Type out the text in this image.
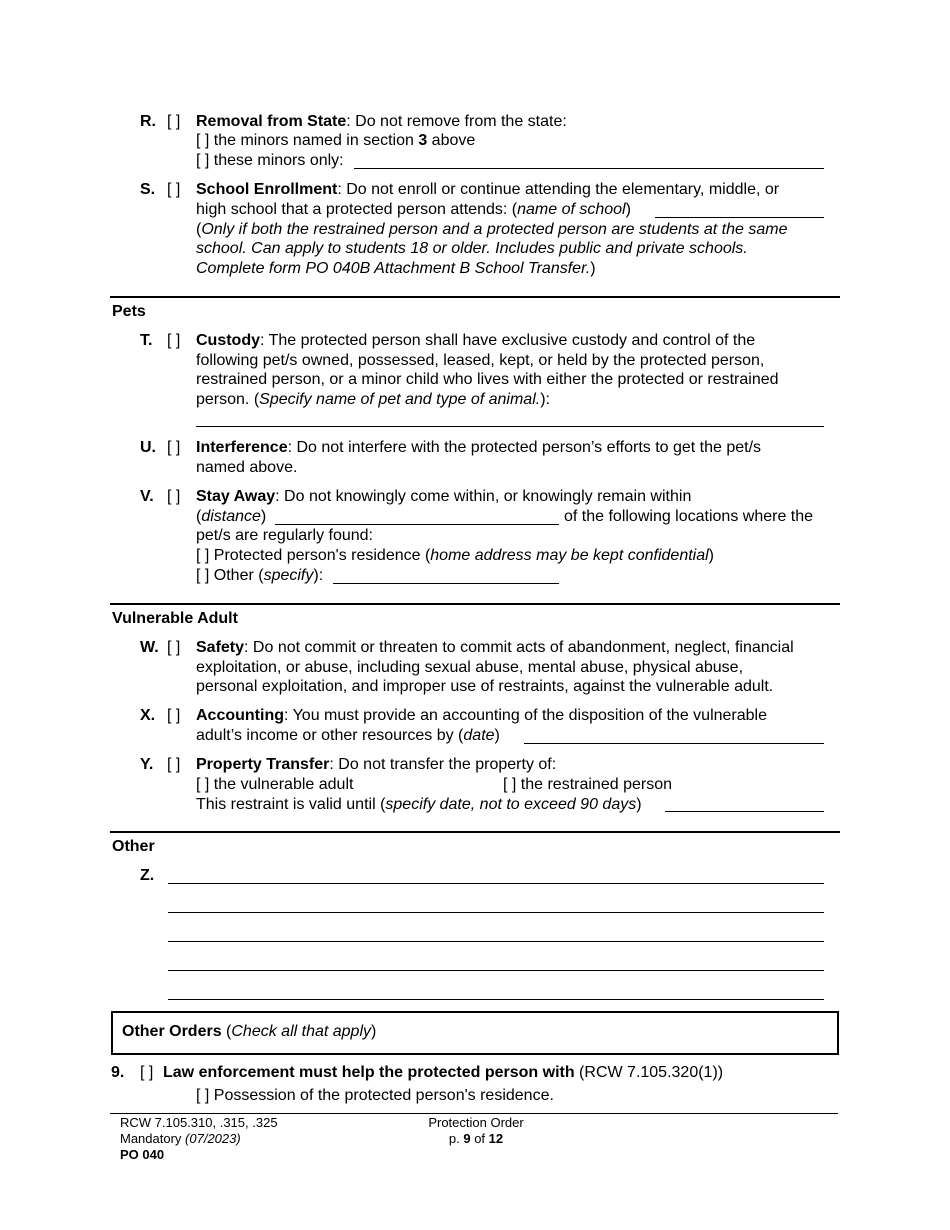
R. [ ] Removal from State: Do not remove from the state:
[ ] the minors named in section 3 above
[ ] these minors only:
S. [ ] School Enrollment: Do not enroll or continue attending the elementary, middle, or
high school that a protected person attends: (name of school)
(Only if both the restrained person and a protected person are students at the same
school. Can apply to students 18 or older. Includes public and private schools.
Complete form PO 040B Attachment B School Transfer.)
Pets
T. [ ] Custody: The protected person shall have exclusive custody and control of the
following pet/s owned, possessed, leased, kept, or held by the protected person,
restrained person, or a minor child who lives with either the protected or restrained
person. (Specify name of pet and type of animal.):
U. [ ] Interference: Do not interfere with the protected person’s efforts to get the pet/s
named above.
V. [ ] Stay Away: Do not knowingly come within, or knowingly remain within
(distance)	of the following locations where the
pet/s are regularly found:
[ ] Protected person's residence (home address may be kept confidential)
[ ] Other (specify):
Vulnerable Adult
W. [ ] Safety: Do not commit or threaten to commit acts of abandonment, neglect, financial
exploitation, or abuse, including sexual abuse, mental abuse, physical abuse,
personal exploitation, and improper use of restraints, against the vulnerable adult.
X. [ ] Accounting: You must provide an accounting of the disposition of the vulnerable
adult’s income or other resources by (date)
Y. [ ] Property Transfer: Do not transfer the property of:
[ ] the vulnerable adult	[ ] the restrained person
This restraint is valid until (specify date, not to exceed 90 days)
Other
Z.
Other Orders (Check all that apply)
9. [ ] Law enforcement must help the protected person with (RCW 7.105.320(1))
[ ] Possession of the protected person's residence.
RCW 7.105.310, .315, .325
Mandatory (07/2023)
PO 040
Protection Order
p. 9 of 12
